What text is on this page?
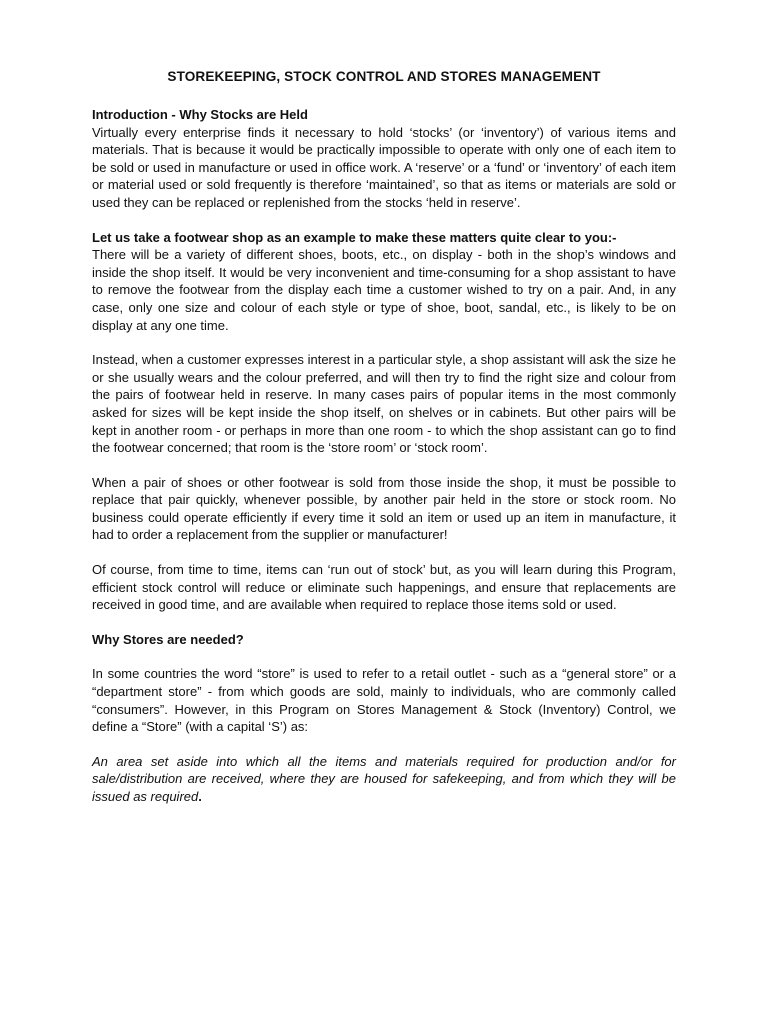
STOREKEEPING, STOCK CONTROL AND STORES MANAGEMENT
Introduction - Why Stocks are Held

Virtually every enterprise finds it necessary to hold ‘stocks’ (or ‘inventory’) of various items and materials. That is because it would be practically impossible to operate with only one of each item to be sold or used in manufacture or used in office work. A ‘reserve’ or a ‘fund’ or ‘inventory’ of each item or material used or sold frequently is therefore ‘maintained’, so that as items or materials are sold or used they can be replaced or replenished from the stocks ‘held in reserve’.

Let us take a footwear shop as an example to make these matters quite clear to you:-

There will be a variety of different shoes, boots, etc., on display - both in the shop’s windows and inside the shop itself. It would be very inconvenient and time-consuming for a shop assistant to have to remove the footwear from the display each time a customer wished to try on a pair. And, in any case, only one size and colour of each style or type of shoe, boot, sandal, etc., is likely to be on display at any one time.

Instead, when a customer expresses interest in a particular style, a shop assistant will ask the size he or she usually wears and the colour preferred, and will then try to find the right size and colour from the pairs of footwear held in reserve. In many cases pairs of popular items in the most commonly asked for sizes will be kept inside the shop itself, on shelves or in cabinets. But other pairs will be kept in another room - or perhaps in more than one room - to which the shop assistant can go to find the footwear concerned; that room is the ‘store room’ or ‘stock room’.

When a pair of shoes or other footwear is sold from those inside the shop, it must be possible to replace that pair quickly, whenever possible, by another pair held in the store or stock room. No business could operate efficiently if every time it sold an item or used up an item in manufacture, it had to order a replacement from the supplier or manufacturer!

Of course, from time to time, items can ‘run out of stock’ but, as you will learn during this Program, efficient stock control will reduce or eliminate such happenings, and ensure that replacements are received in good time, and are available when required to replace those items sold or used.

Why Stores are needed?

In some countries the word “store” is used to refer to a retail outlet - such as a “general store” or a “department store” - from which goods are sold, mainly to individuals, who are commonly called “consumers”. However, in this Program on Stores Management & Stock (Inventory) Control, we define a “Store” (with a capital ‘S’) as:

An area set aside into which all the items and materials required for production and/or for sale/distribution are received, where they are housed for safekeeping, and from which they will be issued as required.
